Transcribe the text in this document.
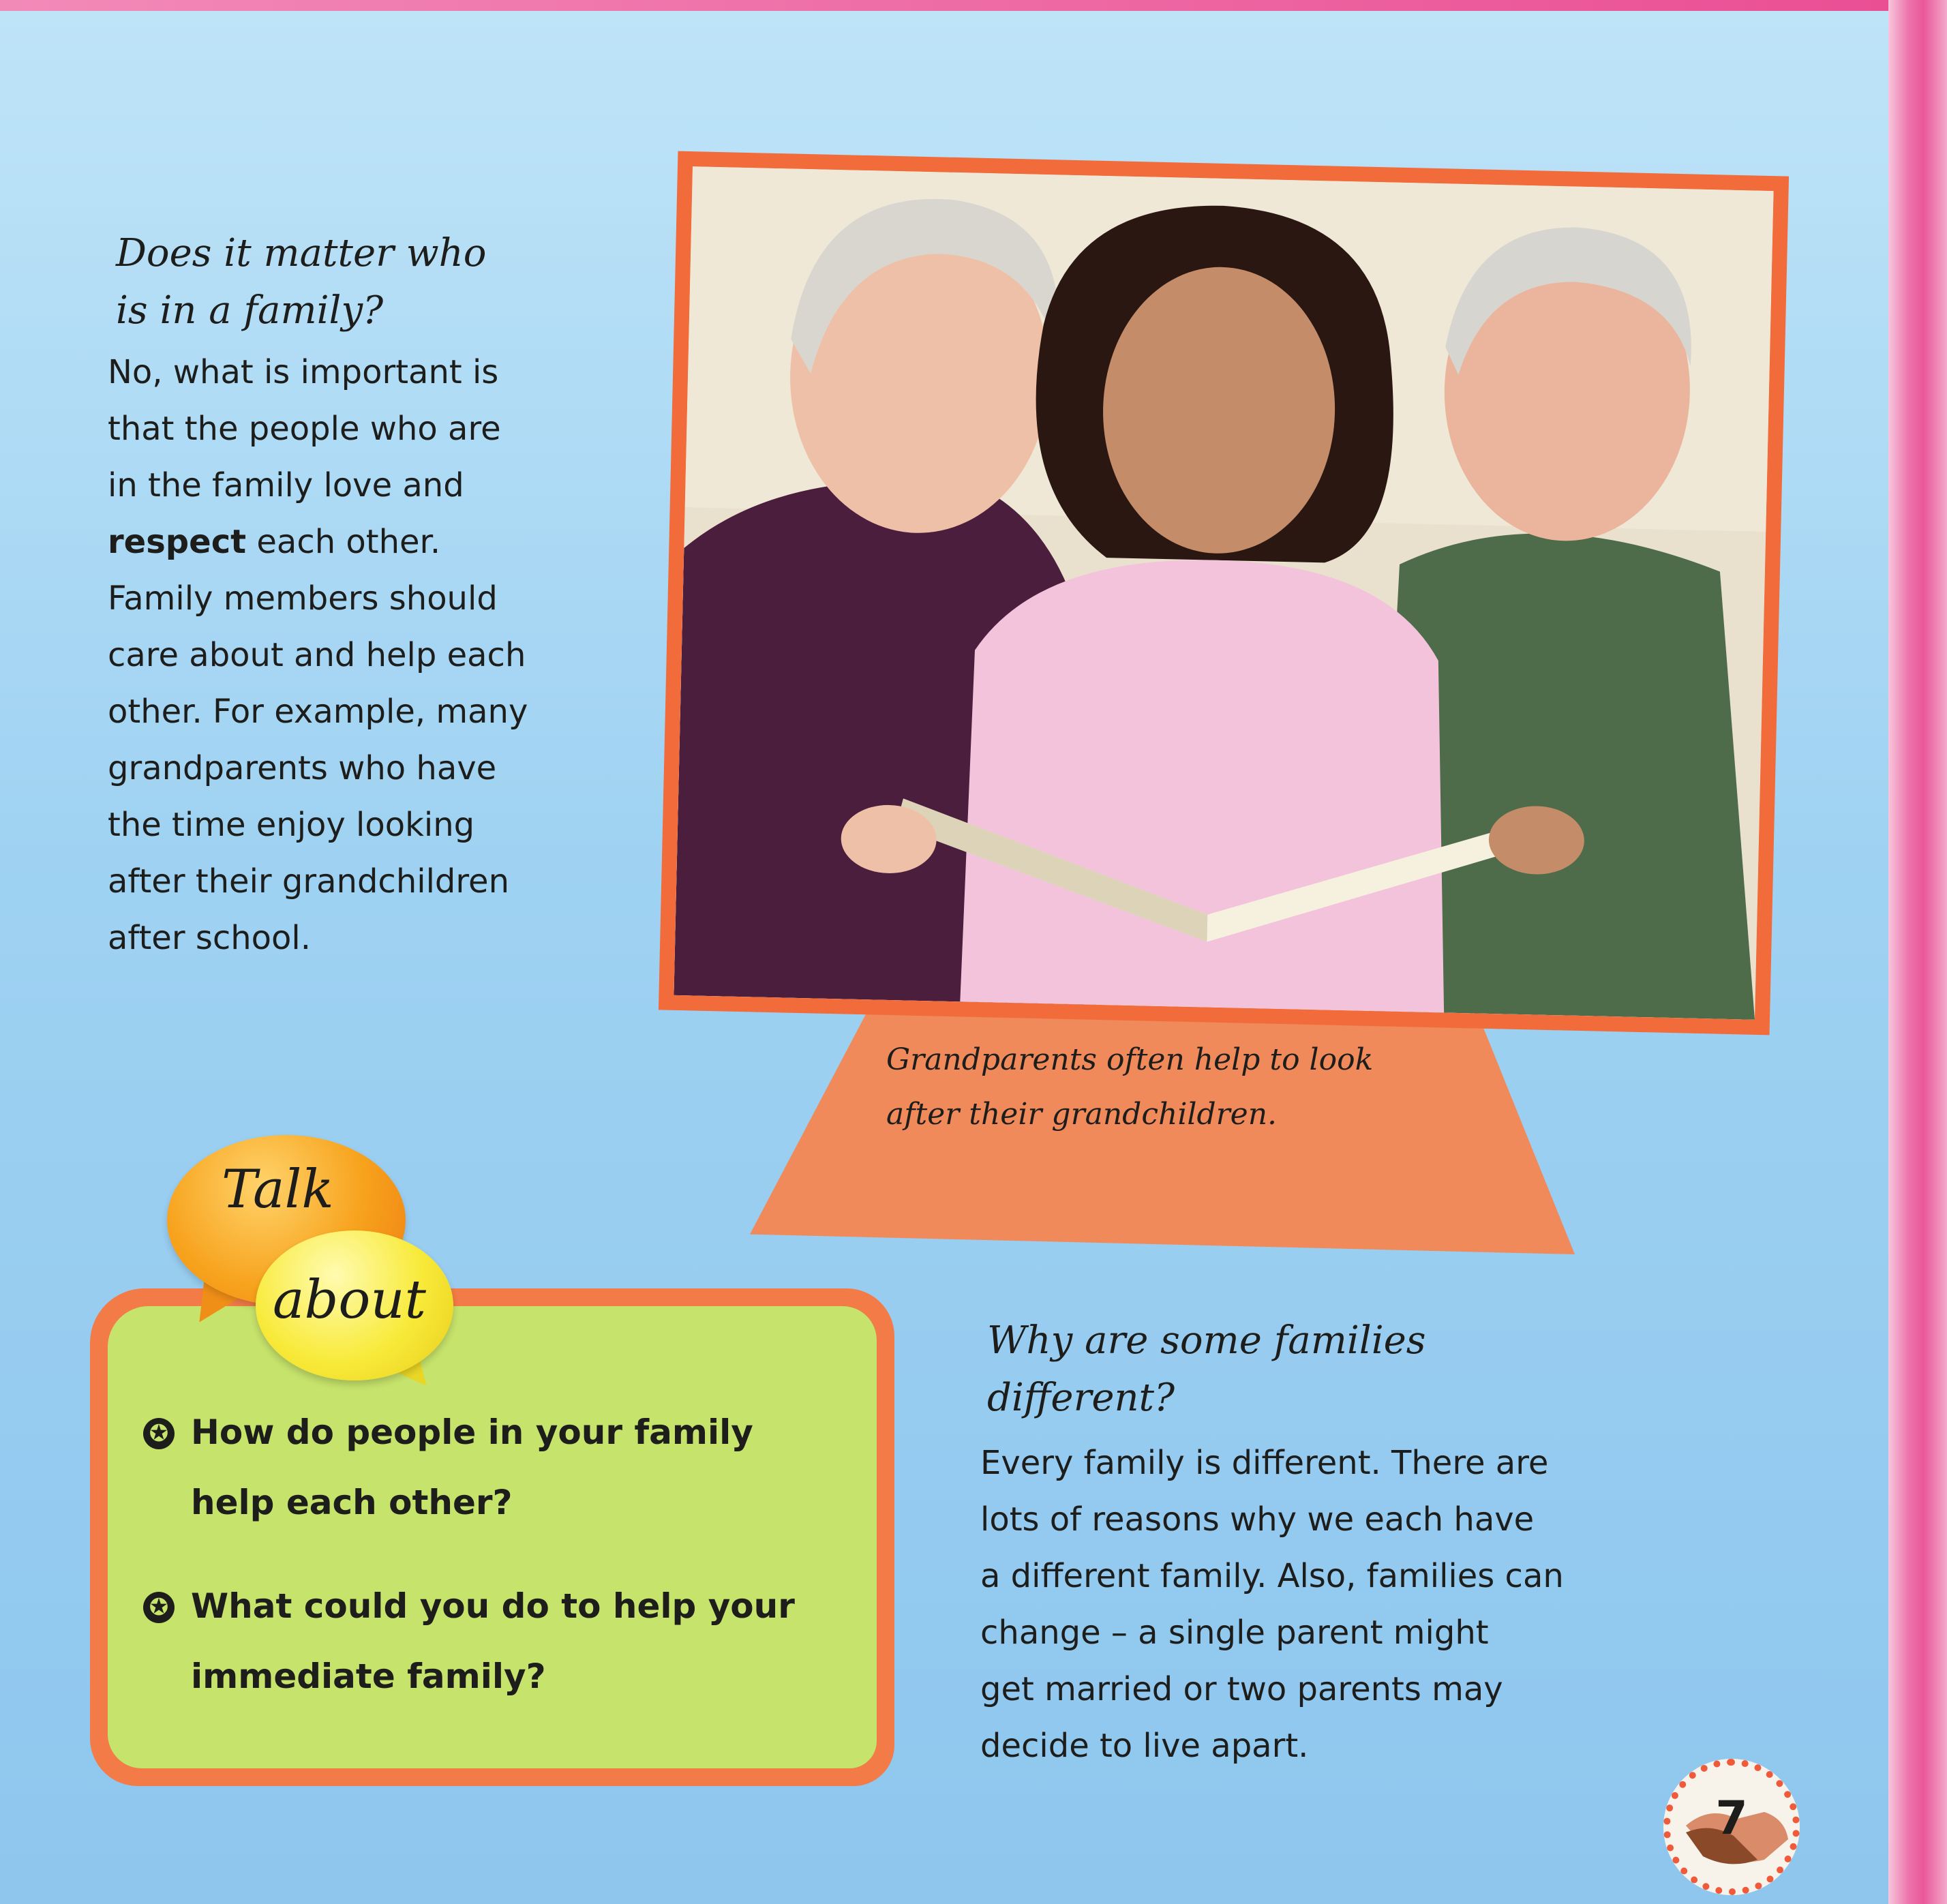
Does it matter who
is in a family?

No, what is important is
that the people who are
in the family love and
respect each other.
Family members should
care about and help each
other. For example, many
grandparents who have
the time enjoy looking
after their grandchildren
after school.

Grandparents often help to look
after their grandchildren.

Talk

about

✪ How do people in your family
help each other?

✪ What could you do to help your
immediate family?

Why are some families
different?

Every family is different. There are
lots of reasons why we each have
a different family. Also, families can
change – a single parent might
get married or two parents may
decide to live apart.

7
